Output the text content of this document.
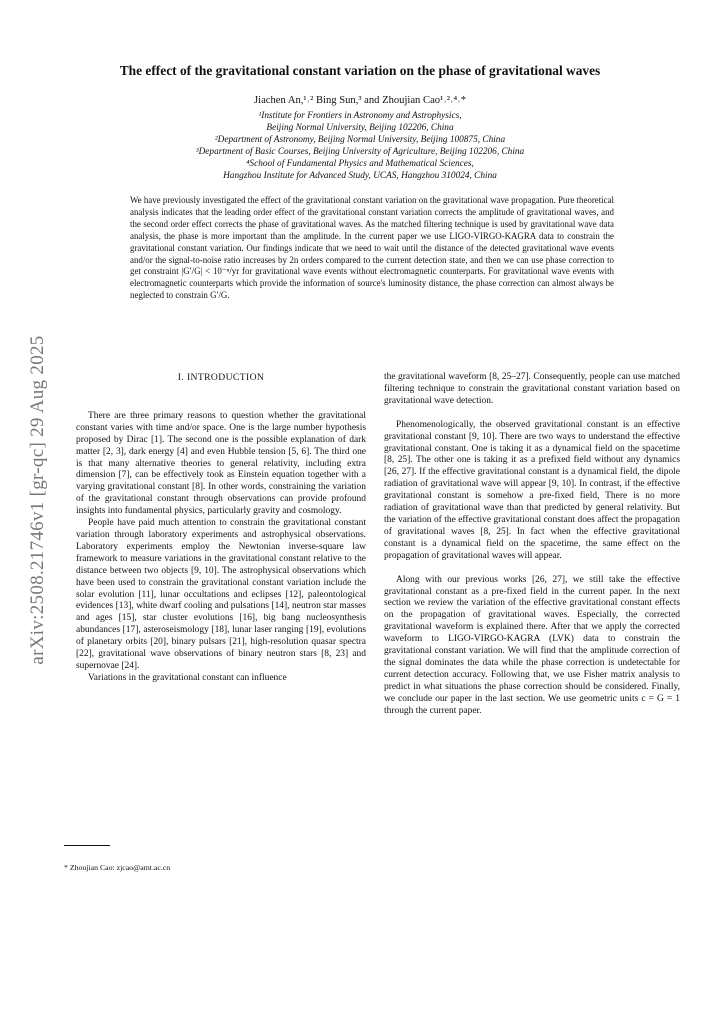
arXiv:2508.21746v1 [gr-qc] 29 Aug 2025
The effect of the gravitational constant variation on the phase of gravitational waves
Jiachen An,¹˒² Bing Sun,³ and Zhoujian Cao¹˒²˒⁴˒*
¹Institute for Frontiers in Astronomy and Astrophysics,
Beijing Normal University, Beijing 102206, China
²Department of Astronomy, Beijing Normal University, Beijing 100875, China
³Department of Basic Courses, Beijing University of Agriculture, Beijing 102206, China
⁴School of Fundamental Physics and Mathematical Sciences,
Hangzhou Institute for Advanced Study, UCAS, Hangzhou 310024, China
We have previously investigated the effect of the gravitational constant variation on the gravitational wave propagation. Pure theoretical analysis indicates that the leading order effect of the gravitational constant variation corrects the amplitude of gravitational waves, and the second order effect corrects the phase of gravitational waves. As the matched filtering technique is used by gravitational wave data analysis, the phase is more important than the amplitude. In the current paper we use LIGO-VIRGO-KAGRA data to constrain the gravitational constant variation. Our findings indicate that we need to wait until the distance of the detected gravitational wave events and/or the signal-to-noise ratio increases by 2n orders compared to the current detection state, and then we can use phase correction to get constraint |G′/G| < 10⁻ⁿ/yr for gravitational wave events without electromagnetic counterparts. For gravitational wave events with electromagnetic counterparts which provide the information of source's luminosity distance, the phase correction can almost always be neglected to constrain G′/G.
I. INTRODUCTION

There are three primary reasons to question whether the gravitational constant varies with time and/or space. One is the large number hypothesis proposed by Dirac [1]. The second one is the possible explanation of dark matter [2, 3], dark energy [4] and even Hubble tension [5, 6]. The third one is that many alternative theories to general relativity, including extra dimension [7], can be effectively took as Einstein equation together with a varying gravitational constant [8]. In other words, constraining the variation of the gravitational constant through observations can provide profound insights into fundamental physics, particularly gravity and cosmology.

People have paid much attention to constrain the gravitational constant variation through laboratory experiments and astrophysical observations. Laboratory experiments employ the Newtonian inverse-square law framework to measure variations in the gravitational constant relative to the distance between two objects [9, 10]. The astrophysical observations which have been used to constrain the gravitational constant variation include the solar evolution [11], lunar occultations and eclipses [12], paleontological evidences [13], white dwarf cooling and pulsations [14], neutron star masses and ages [15], star cluster evolutions [16], big bang nucleosynthesis abundances [17], asteroseismology [18], lunar laser ranging [19], evolutions of planetary orbits [20], binary pulsars [21], high-resolution quasar spectra [22], gravitational wave observations of binary neutron stars [8, 23] and supernovae [24].

Variations in the gravitational constant can influence

the gravitational waveform [8, 25–27]. Consequently, people can use matched filtering technique to constrain the gravitational constant variation based on gravitational wave detection.

Phenomenologically, the observed gravitational constant is an effective gravitational constant [9, 10]. There are two ways to understand the effective gravitational constant. One is taking it as a dynamical field on the spacetime [8, 25]. The other one is taking it as a prefixed field without any dynamics [26, 27]. If the effective gravitational constant is a dynamical field, the dipole radiation of gravitational wave will appear [9, 10]. In contrast, if the effective gravitational constant is somehow a pre-fixed field, There is no more radiation of gravitational wave than that predicted by general relativity. But the variation of the effective gravitational constant does affect the propagation of gravitational waves [8, 25]. In fact when the effective gravitational constant is a dynamical field on the spacetime, the same effect on the propagation of gravitational waves will appear.

Along with our previous works [26, 27], we still take the effective gravitational constant as a pre-fixed field in the current paper. In the next section we review the variation of the effective gravitational constant effects on the propagation of gravitational waves. Especially, the corrected gravitational waveform is explained there. After that we apply the corrected waveform to LIGO-VIRGO-KAGRA (LVK) data to constrain the gravitational constant variation. We will find that the amplitude correction of the signal dominates the data while the phase correction is undetectable for current detection accuracy. Following that, we use Fisher matrix analysis to predict in what situations the phase correction should be considered. Finally, we conclude our paper in the last section. We use geometric units c = G = 1 through the current paper.

* Zhoujian Cao: zjcao@amt.ac.cn
